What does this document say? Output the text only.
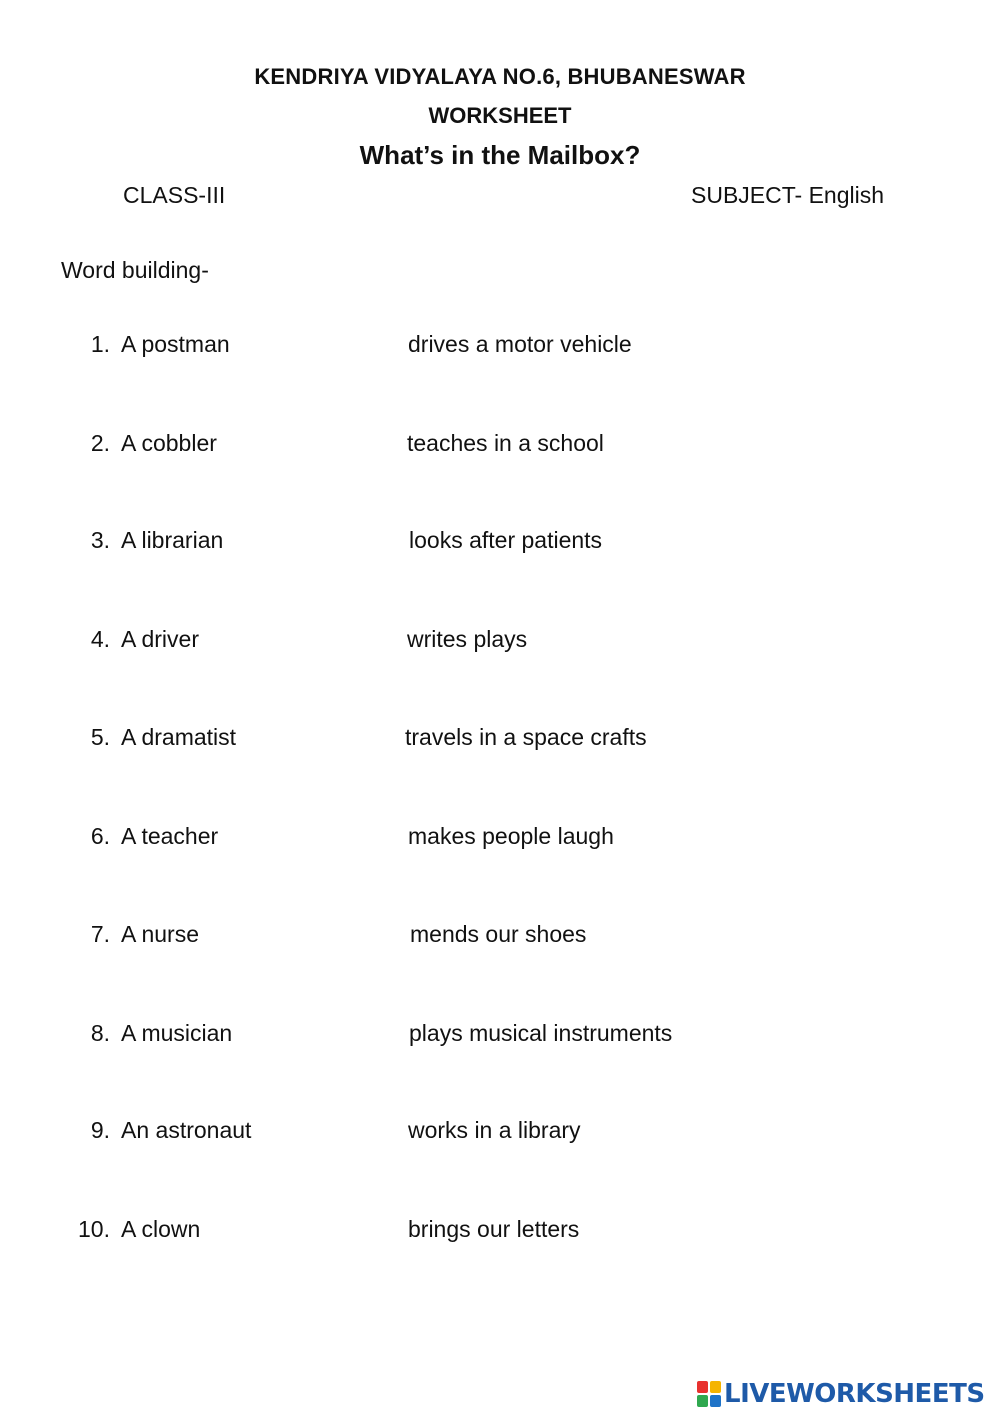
KENDRIYA VIDYALAYA NO.6, BHUBANESWAR
WORKSHEET
What’s in the Mailbox?
CLASS-III	SUBJECT- English
Word building-
1. A postman	drives a motor vehicle
2. A cobbler	teaches in a school
3. A librarian	looks after patients
4. A driver	writes plays
5. A dramatist	travels in a space crafts
6. A teacher	makes people laugh
7. A nurse	mends our shoes
8. A musician	plays musical instruments
9. An astronaut	works in a library
10. A clown	brings our letters
LIVEWORKSHEETS
